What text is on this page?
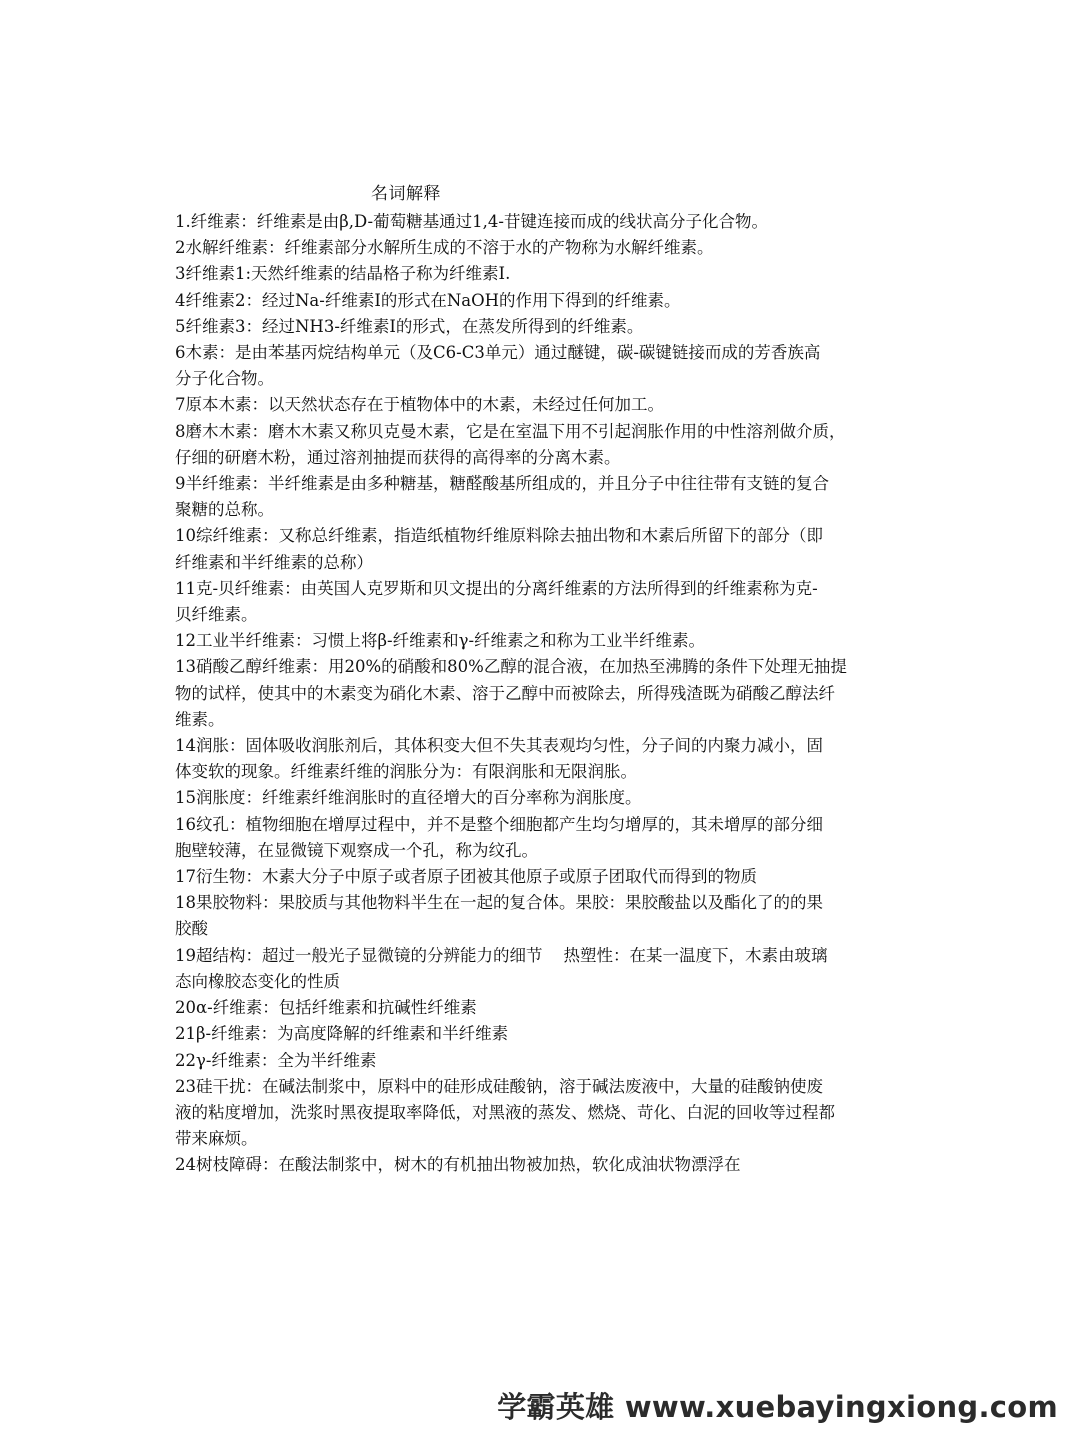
名词解释

1.纤维素：纤维素是由β,D-葡萄糖基通过1,4-苷键连接而成的线状高分子化合物。

2水解纤维素：纤维素部分水解所生成的不溶于水的产物称为水解纤维素。

3纤维素1:天然纤维素的结晶格子称为纤维素I.

4纤维素2：经过Na-纤维素I的形式在NaOH的作用下得到的纤维素。

5纤维素3：经过NH3-纤维素I的形式，在蒸发所得到的纤维素。

6木素：是由苯基丙烷结构单元（及C6-C3单元）通过醚键，碳-碳键链接而成的芳香族高
分子化合物。

7原本木素：以天然状态存在于植物体中的木素，未经过任何加工。

8磨木木素：磨木木素又称贝克曼木素，它是在室温下用不引起润胀作用的中性溶剂做介质，
仔细的研磨木粉，通过溶剂抽提而获得的高得率的分离木素。

9半纤维素：半纤维素是由多种糖基，糖醛酸基所组成的，并且分子中往往带有支链的复合
聚糖的总称。

10综纤维素：又称总纤维素，指造纸植物纤维原料除去抽出物和木素后所留下的部分（即
纤维素和半纤维素的总称）

11克-贝纤维素：由英国人克罗斯和贝文提出的分离纤维素的方法所得到的纤维素称为克-
贝纤维素。

12工业半纤维素：习惯上将β-纤维素和γ-纤维素之和称为工业半纤维素。

13硝酸乙醇纤维素：用20%的硝酸和80%乙醇的混合液，在加热至沸腾的条件下处理无抽提
物的试样，使其中的木素变为硝化木素、溶于乙醇中而被除去，所得残渣既为硝酸乙醇法纤
维素。

14润胀：固体吸收润胀剂后，其体积变大但不失其表观均匀性，分子间的内聚力减小，固
体变软的现象。纤维素纤维的润胀分为：有限润胀和无限润胀。

15润胀度：纤维素纤维润胀时的直径增大的百分率称为润胀度。

16纹孔：植物细胞在增厚过程中，并不是整个细胞都产生均匀增厚的，其未增厚的部分细
胞壁较薄，在显微镜下观察成一个孔，称为纹孔。

17衍生物：木素大分子中原子或者原子团被其他原子或原子团取代而得到的物质

18果胶物料：果胶质与其他物料半生在一起的复合体。果胶：果胶酸盐以及酯化了的的果
胶酸

19超结构：超过一般光子显微镜的分辨能力的细节    热塑性：在某一温度下，木素由玻璃
态向橡胶态变化的性质

20α-纤维素：包括纤维素和抗碱性纤维素

21β-纤维素：为高度降解的纤维素和半纤维素

22γ-纤维素：全为半纤维素

23硅干扰：在碱法制浆中，原料中的硅形成硅酸钠，溶于碱法废液中，大量的硅酸钠使废
液的粘度增加，洗浆时黑夜提取率降低，对黑液的蒸发、燃烧、苛化、白泥的回收等过程都
带来麻烦。

24树枝障碍：在酸法制浆中，树木的有机抽出物被加热，软化成油状物漂浮在

学霸英雄 www.xuebayingxiong.com
